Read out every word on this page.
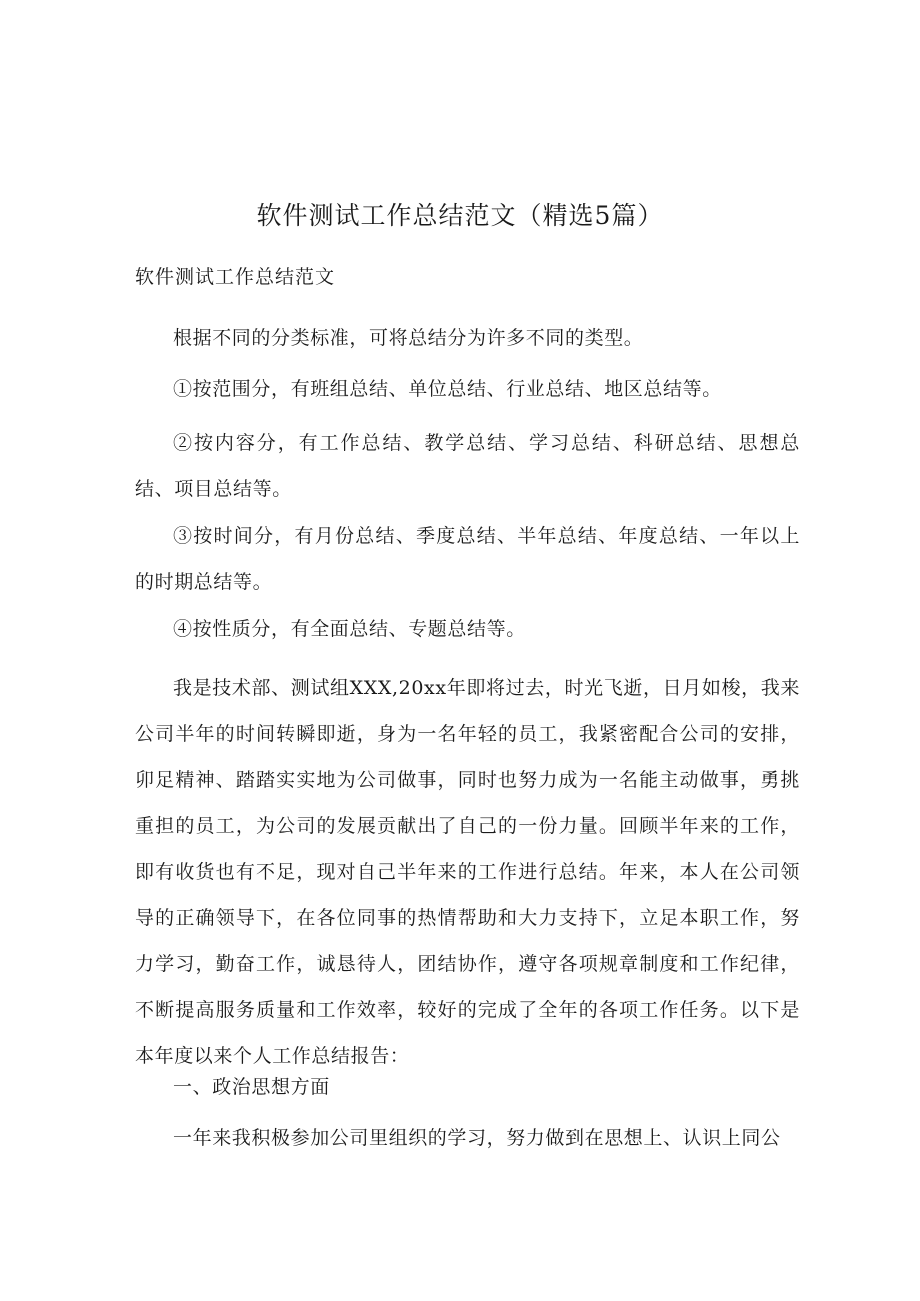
软件测试工作总结范文（精选5篇）

软件测试工作总结范文

根据不同的分类标准，可将总结分为许多不同的类型。

①按范围分，有班组总结、单位总结、行业总结、地区总结等。

②按内容分，有工作总结、教学总结、学习总结、科研总结、思想总结、项目总结等。

③按时间分，有月份总结、季度总结、半年总结、年度总结、一年以上的时期总结等。

④按性质分，有全面总结、专题总结等。

我是技术部、测试组XXX,20xx年即将过去，时光飞逝，日月如梭，我来公司半年的时间转瞬即逝，身为一名年轻的员工，我紧密配合公司的安排，卯足精神、踏踏实实地为公司做事，同时也努力成为一名能主动做事，勇挑重担的员工，为公司的发展贡献出了自己的一份力量。回顾半年来的工作，即有收货也有不足，现对自己半年来的工作进行总结。年来，本人在公司领导的正确领导下，在各位同事的热情帮助和大力支持下，立足本职工作，努力学习，勤奋工作，诚恳待人，团结协作，遵守各项规章制度和工作纪律，不断提高服务质量和工作效率，较好的完成了全年的各项工作任务。以下是本年度以来个人工作总结报告：

一、政治思想方面

一年来我积极参加公司里组织的学习，努力做到在思想上、认识上同公
